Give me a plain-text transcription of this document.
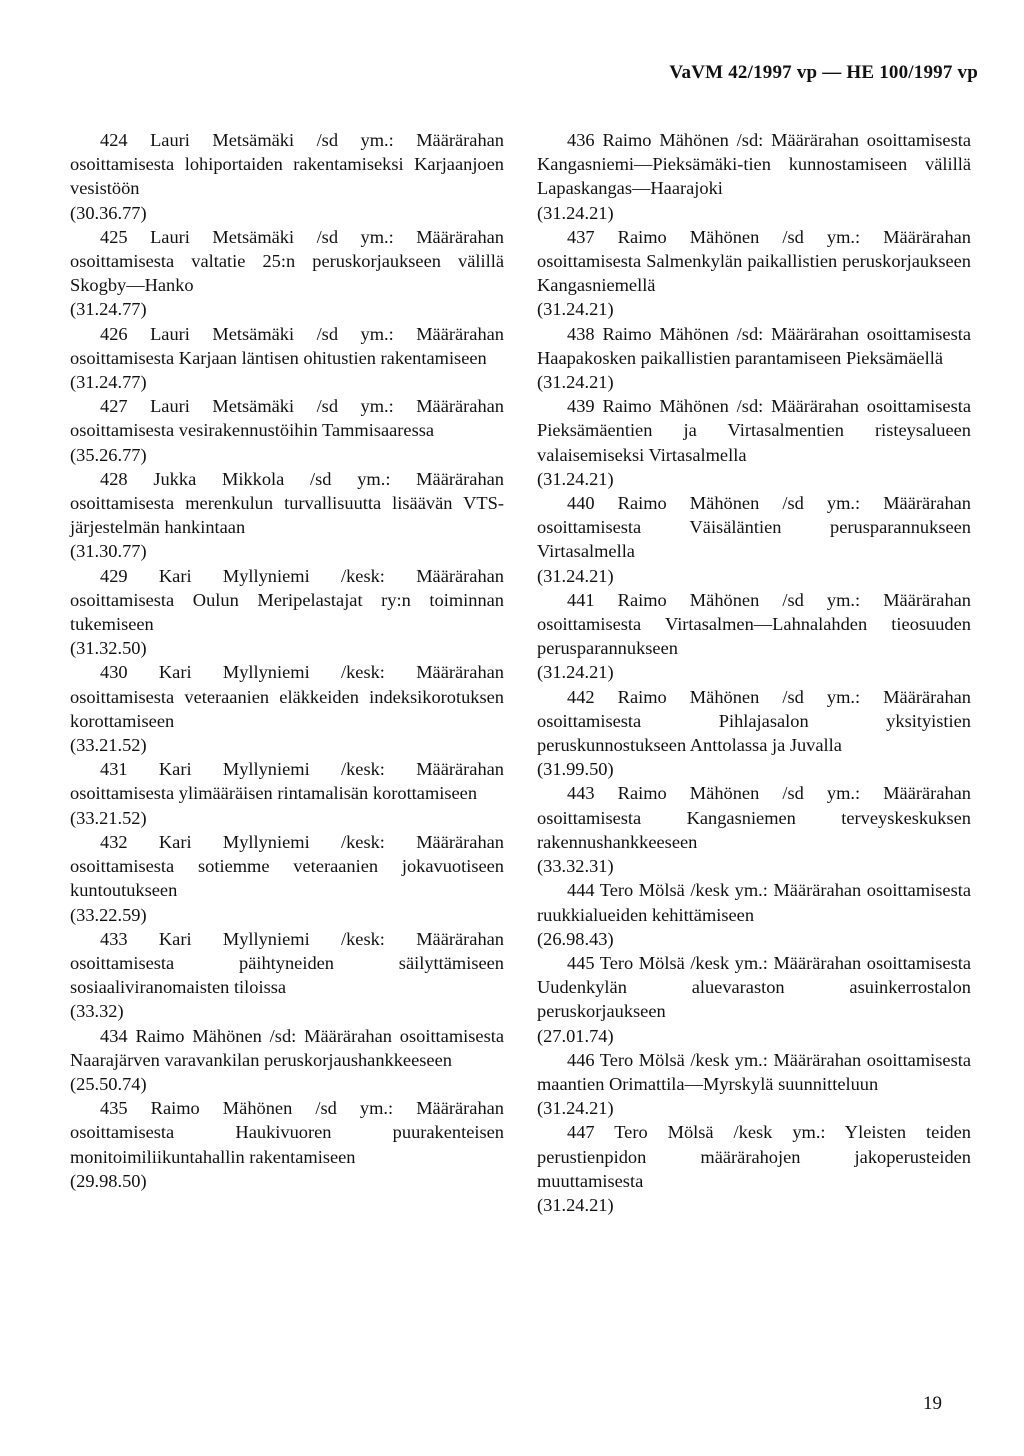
VaVM 42/1997 vp — HE 100/1997 vp
424 Lauri Metsämäki /sd ym.: Määrärahan osoittamisesta lohiportaiden rakentamiseksi Karjaanjoen vesistöön
(30.36.77)
425 Lauri Metsämäki /sd ym.: Määrärahan osoittamisesta valtatie 25:n peruskorjaukseen välillä Skogby—Hanko
(31.24.77)
426 Lauri Metsämäki /sd ym.: Määrärahan osoittamisesta Karjaan läntisen ohitustien rakentamiseen
(31.24.77)
427 Lauri Metsämäki /sd ym.: Määrärahan osoittamisesta vesirakennustöihin Tammisaaressa
(35.26.77)
428 Jukka Mikkola /sd ym.: Määrärahan osoittamisesta merenkulun turvallisuutta lisäävän VTS-järjestelmän hankintaan
(31.30.77)
429 Kari Myllyniemi /kesk: Määrärahan osoittamisesta Oulun Meripelastajat ry:n toiminnan tukemiseen
(31.32.50)
430 Kari Myllyniemi /kesk: Määrärahan osoittamisesta veteraanien eläkkeiden indeksikorotuksen korottamiseen
(33.21.52)
431 Kari Myllyniemi /kesk: Määrärahan osoittamisesta ylimääräisen rintamalisän korottamiseen
(33.21.52)
432 Kari Myllyniemi /kesk: Määrärahan osoittamisesta sotiemme veteraanien jokavuotiseen kuntoutukseen
(33.22.59)
433 Kari Myllyniemi /kesk: Määrärahan osoittamisesta päihtyneiden säilyttämiseen sosiaaliviranomaisten tiloissa
(33.32)
434 Raimo Mähönen /sd: Määrärahan osoittamisesta Naarajärven varavankilan peruskorjaushankkeeseen
(25.50.74)
435 Raimo Mähönen /sd ym.: Määrärahan osoittamisesta Haukivuoren puurakenteisen monitoimiliikuntahallin rakentamiseen
(29.98.50)
436 Raimo Mähönen /sd: Määrärahan osoittamisesta Kangasniemi—Pieksämäki-tien kunnostamiseen välillä Lapaskangas—Haarajoki
(31.24.21)
437 Raimo Mähönen /sd ym.: Määrärahan osoittamisesta Salmenkylän paikallistien peruskorjaukseen Kangasniemellä
(31.24.21)
438 Raimo Mähönen /sd: Määrärahan osoittamisesta Haapakosken paikallistien parantamiseen Pieksämäellä
(31.24.21)
439 Raimo Mähönen /sd: Määrärahan osoittamisesta Pieksämäentien ja Virtasalmentien risteysalueen valaisemiseksi Virtasalmella
(31.24.21)
440 Raimo Mähönen /sd ym.: Määrärahan osoittamisesta Väisäläntien perusparannukseen Virtasalmella
(31.24.21)
441 Raimo Mähönen /sd ym.: Määrärahan osoittamisesta Virtasalmen—Lahnalahden tieosuuden perusparannukseen
(31.24.21)
442 Raimo Mähönen /sd ym.: Määrärahan osoittamisesta Pihlajasalon yksityistien peruskunnostukseen Anttolassa ja Juvalla
(31.99.50)
443 Raimo Mähönen /sd ym.: Määrärahan osoittamisesta Kangasniemen terveyskeskuksen rakennushankkeeseen
(33.32.31)
444 Tero Mölsä /kesk ym.: Määrärahan osoittamisesta ruukkialueiden kehittämiseen
(26.98.43)
445 Tero Mölsä /kesk ym.: Määrärahan osoittamisesta Uudenkylän aluevaraston asuinkerrostalon peruskorjaukseen
(27.01.74)
446 Tero Mölsä /kesk ym.: Määrärahan osoittamisesta maantien Orimattila—Myrskylä suunnitteluun
(31.24.21)
447 Tero Mölsä /kesk ym.: Yleisten teiden perustienpidon määrärahojen jakoperusteiden muuttamisesta
(31.24.21)
19
